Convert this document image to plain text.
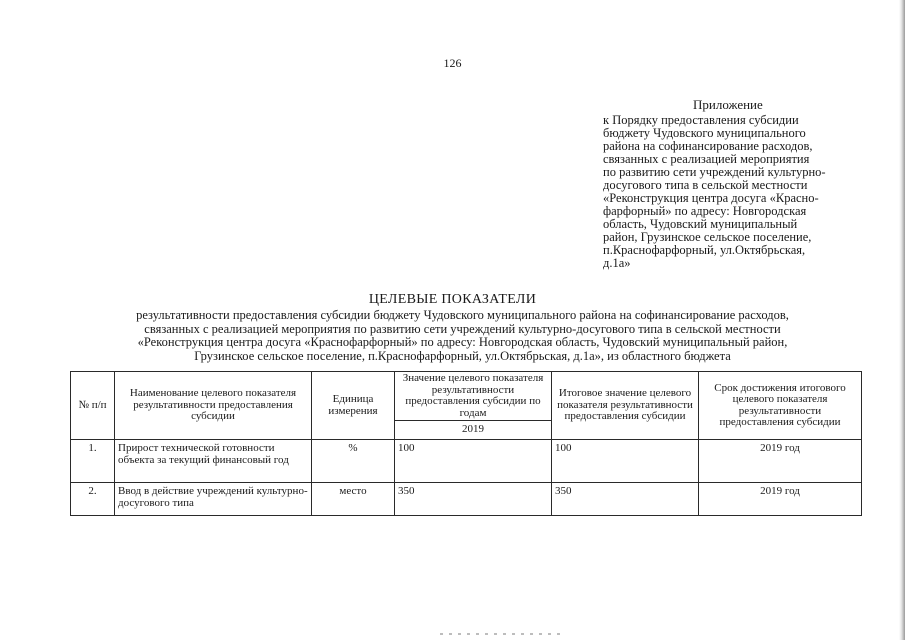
126
Приложение
к Порядку предоставления субсидии
бюджету Чудовского муниципального
района на софинансирование расходов,
связанных с реализацией мероприятия
по развитию сети учреждений культурно-
досугового типа в сельской местности
«Реконструкция центра досуга «Красно-
фарфорный» по адресу: Новгородская
область, Чудовский муниципальный
район, Грузинское сельское поселение,
п.Краснофарфорный, ул.Октябрьская,
д.1а»
ЦЕЛЕВЫЕ ПОКАЗАТЕЛИ
результативности предоставления субсидии бюджету Чудовского муниципального района на софинансирование расходов,
связанных с реализацией мероприятия по развитию сети учреждений культурно-досугового типа в сельской местности
«Реконструкция центра досуга «Краснофарфорный» по адресу: Новгородская область, Чудовский муниципальный район,
Грузинское сельское поселение, п.Краснофарфорный, ул.Октябрьская, д.1а», из областного бюджета
№ п/п	Наименование целевого показателя результативности предоставления субсидии	Единица измерения	Значение целевого показателя результативности предоставления субсидии по годам	Итоговое значение целевого показателя результативности предоставления субсидии	Срок достижения итогового целевого показателя результативности предоставления субсидии
			2019		
1.	Прирост технической готовности объекта за текущий финансовый год	%	100	100	2019 год
2.	Ввод в действие учреждений культурно-досугового типа	место	350	350	2019 год
